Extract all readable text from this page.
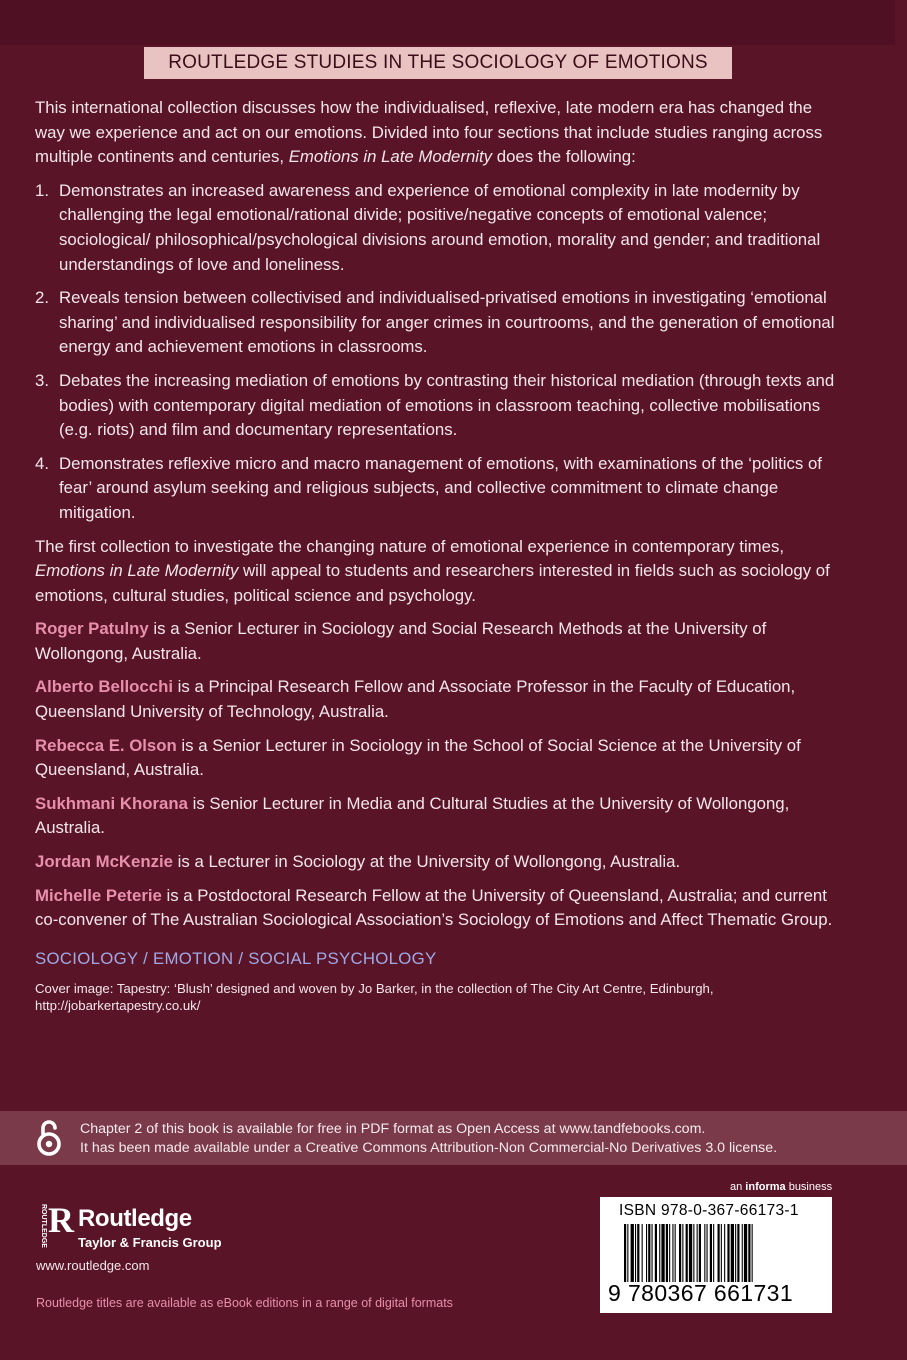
ROUTLEDGE STUDIES IN THE SOCIOLOGY OF EMOTIONS

This international collection discusses how the individualised, reflexive, late modern era has changed the way we experience and act on our emotions. Divided into four sections that include studies ranging across multiple continents and centuries, Emotions in Late Modernity does the following:

1. Demonstrates an increased awareness and experience of emotional complexity in late modernity by challenging the legal emotional/rational divide; positive/negative concepts of emotional valence; sociological/ philosophical/psychological divisions around emotion, morality and gender; and traditional understandings of love and loneliness.
2. Reveals tension between collectivised and individualised-privatised emotions in investigating ‘emotional sharing’ and individualised responsibility for anger crimes in courtrooms, and the generation of emotional energy and achievement emotions in classrooms.
3. Debates the increasing mediation of emotions by contrasting their historical mediation (through texts and bodies) with contemporary digital mediation of emotions in classroom teaching, collective mobilisations (e.g. riots) and film and documentary representations.
4. Demonstrates reflexive micro and macro management of emotions, with examinations of the ‘politics of fear’ around asylum seeking and religious subjects, and collective commitment to climate change mitigation.

The first collection to investigate the changing nature of emotional experience in contemporary times, Emotions in Late Modernity will appeal to students and researchers interested in fields such as sociology of emotions, cultural studies, political science and psychology.

Roger Patulny is a Senior Lecturer in Sociology and Social Research Methods at the University of Wollongong, Australia.

Alberto Bellocchi is a Principal Research Fellow and Associate Professor in the Faculty of Education, Queensland University of Technology, Australia.

Rebecca E. Olson is a Senior Lecturer in Sociology in the School of Social Science at the University of Queensland, Australia.

Sukhmani Khorana is Senior Lecturer in Media and Cultural Studies at the University of Wollongong, Australia.

Jordan McKenzie is a Lecturer in Sociology at the University of Wollongong, Australia.

Michelle Peterie is a Postdoctoral Research Fellow at the University of Queensland, Australia; and current co-convener of The Australian Sociological Association’s Sociology of Emotions and Affect Thematic Group.

SOCIOLOGY / EMOTION / SOCIAL PSYCHOLOGY

Cover image: Tapestry: ‘Blush’ designed and woven by Jo Barker, in the collection of The City Art Centre, Edinburgh,
http://jobarkertapestry.co.uk/

Chapter 2 of this book is available for free in PDF format as Open Access at www.tandfebooks.com.
It has been made available under a Creative Commons Attribution-Non Commercial-No Derivatives 3.0 license.
R
ROUTLEDGE Routledge
Taylor & Francis Group
www.routledge.com
Routledge titles are available as eBook editions in a range of digital formats
an informa business
ISBN 978-0-367-66173-1
9 780367 661731
